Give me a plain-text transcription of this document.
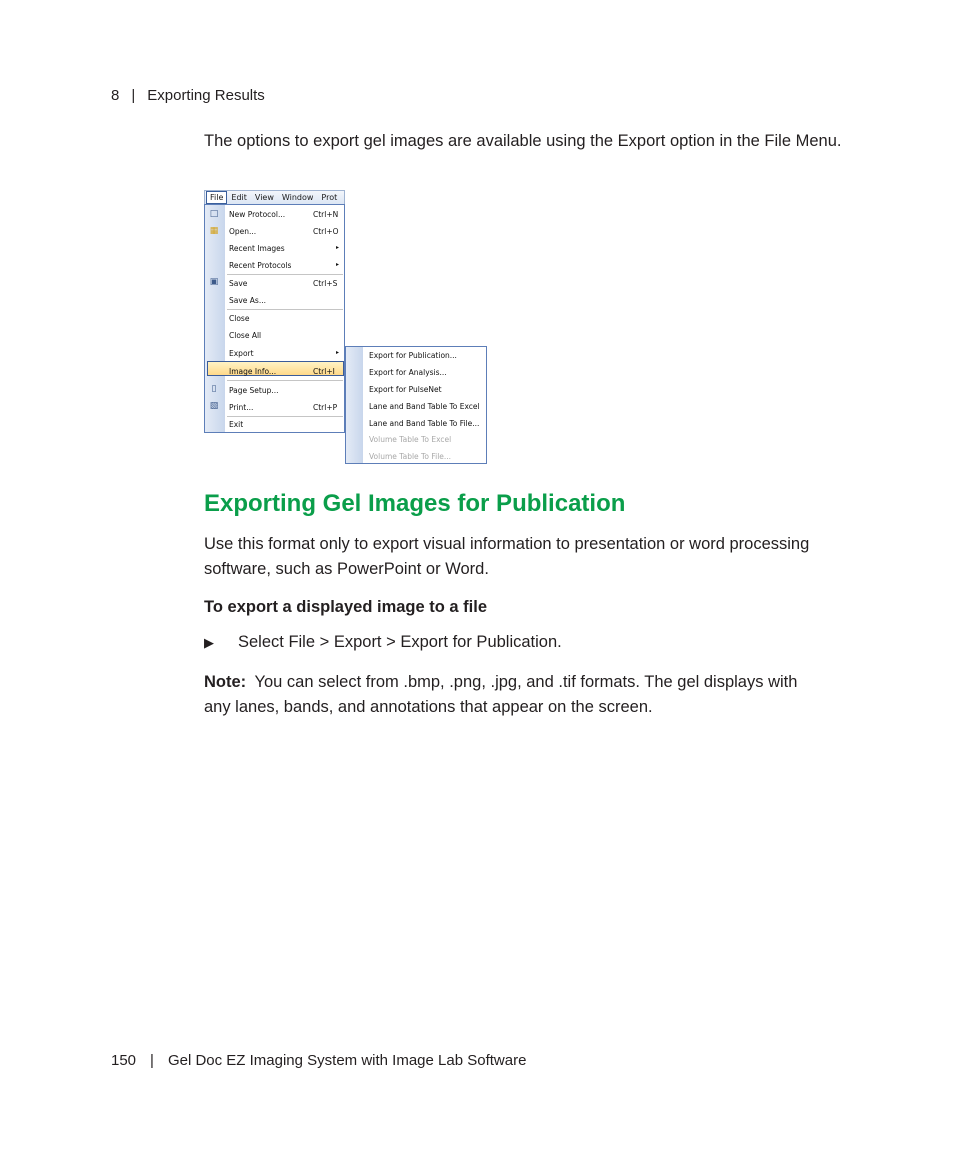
8 | Exporting Results
The options to export gel images are available using the Export option in the File Menu.
File Edit View Window Prot
□ New Protocol...	Ctrl+N
▦ Open...	Ctrl+O
Recent Images	▸
Recent Protocols	▸
▣ Save	Ctrl+S
Save As...
Close
Close All
Export	▸
Image Info...	Ctrl+I
▯	Page Setup...
▧ Print...	Ctrl+P
Exit
Export for Publication...
Export for Analysis...
Export for PulseNet
Lane and Band Table To Excel
Lane and Band Table To File...
Volume Table To Excel
Volume Table To File...
Exporting Gel Images for Publication
Use this format only to export visual information to presentation or word processing software, such as PowerPoint or Word.
To export a displayed image to a file
▶ Select File > Export > Export for Publication.
Note: You can select from .bmp, .png, .jpg, and .tif formats. The gel displays with any lanes, bands, and annotations that appear on the screen.
150 | Gel Doc EZ Imaging System with Image Lab Software
